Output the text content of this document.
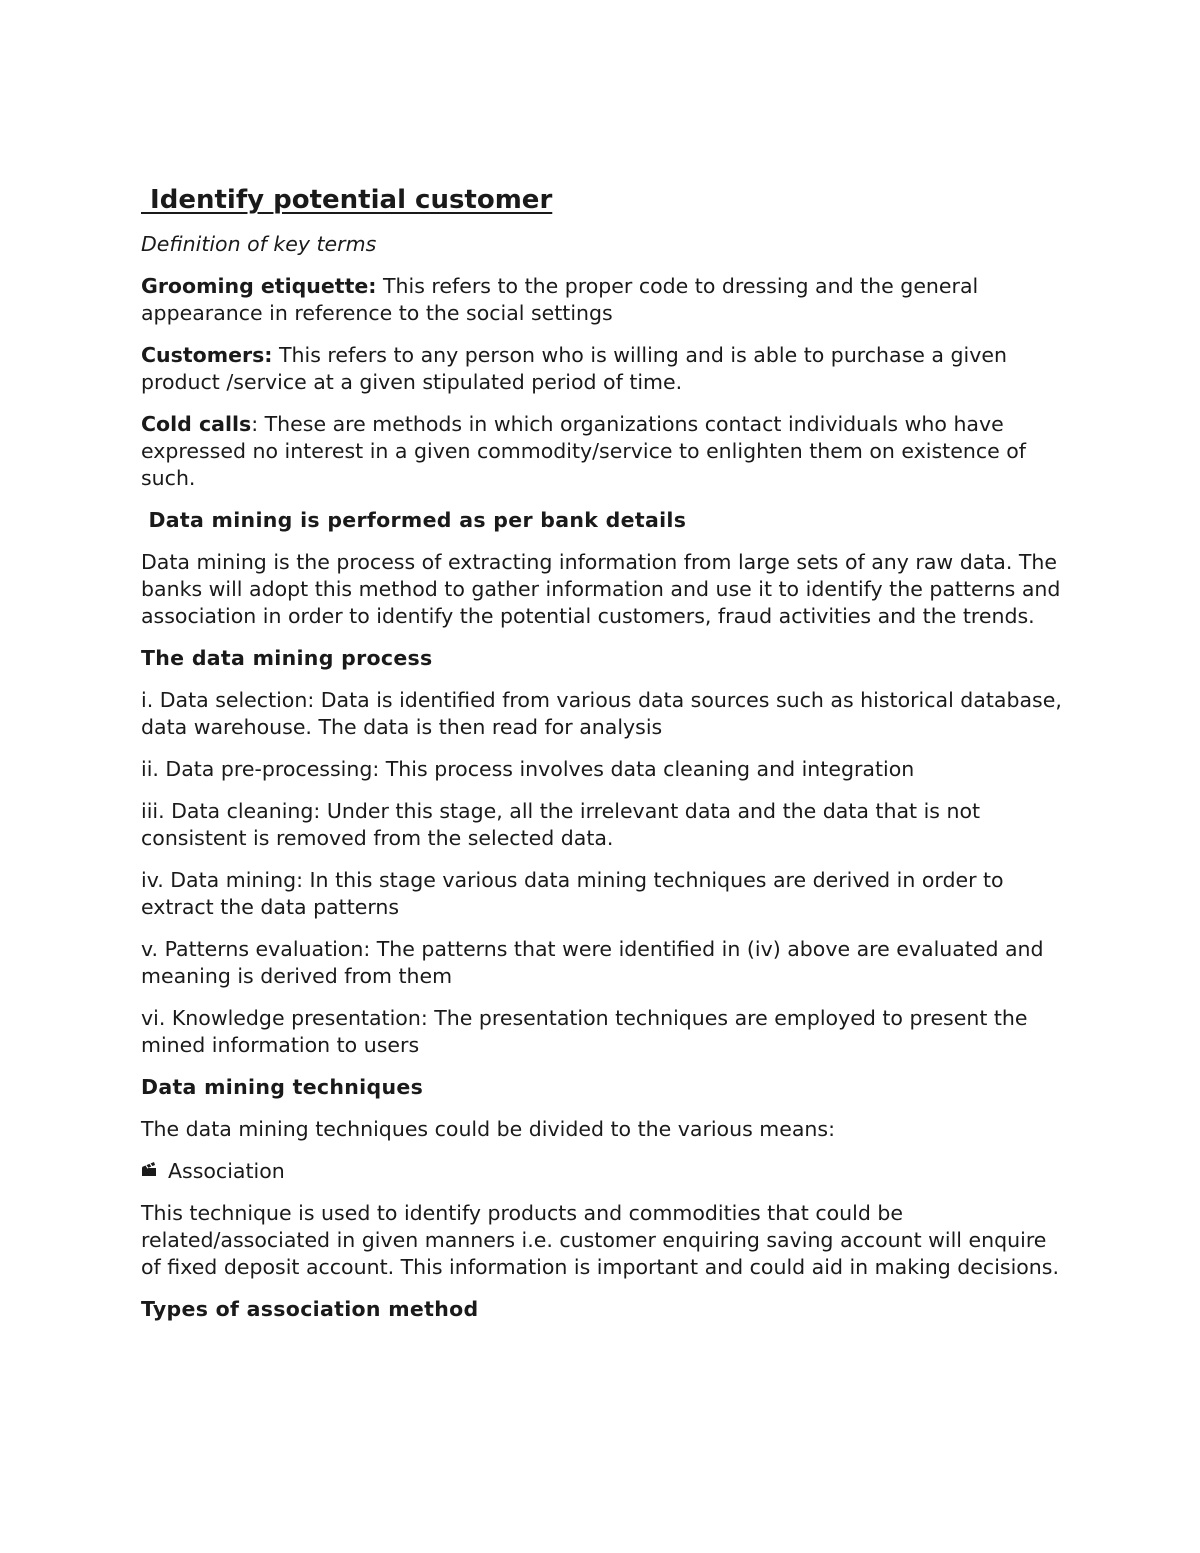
Identify potential customer
Definition of key terms

Grooming etiquette: This refers to the proper code to dressing and the general appearance in reference to the social settings

Customers: This refers to any person who is willing and is able to purchase a given product /service at a given stipulated period of time.

Cold calls: These are methods in which organizations contact individuals who have expressed no interest in a given commodity/service to enlighten them on existence of such.

Data mining is performed as per bank details

Data mining is the process of extracting information from large sets of any raw data. The banks will adopt this method to gather information and use it to identify the patterns and association in order to identify the potential customers, fraud activities and the trends.

The data mining process

i. Data selection: Data is identified from various data sources such as historical database, data warehouse. The data is then read for analysis

ii. Data pre-processing: This process involves data cleaning and integration

iii. Data cleaning: Under this stage, all the irrelevant data and the data that is not consistent is removed from the selected data.

iv. Data mining: In this stage various data mining techniques are derived in order to extract the data patterns

v. Patterns evaluation: The patterns that were identified in (iv) above are evaluated and meaning is derived from them

vi. Knowledge presentation: The presentation techniques are employed to present the mined information to users

Data mining techniques

The data mining techniques could be divided to the various means:

Association

This technique is used to identify products and commodities that could be related/associated in given manners i.e. customer enquiring saving account will enquire of fixed deposit account. This information is important and could aid in making decisions.

Types of association method
